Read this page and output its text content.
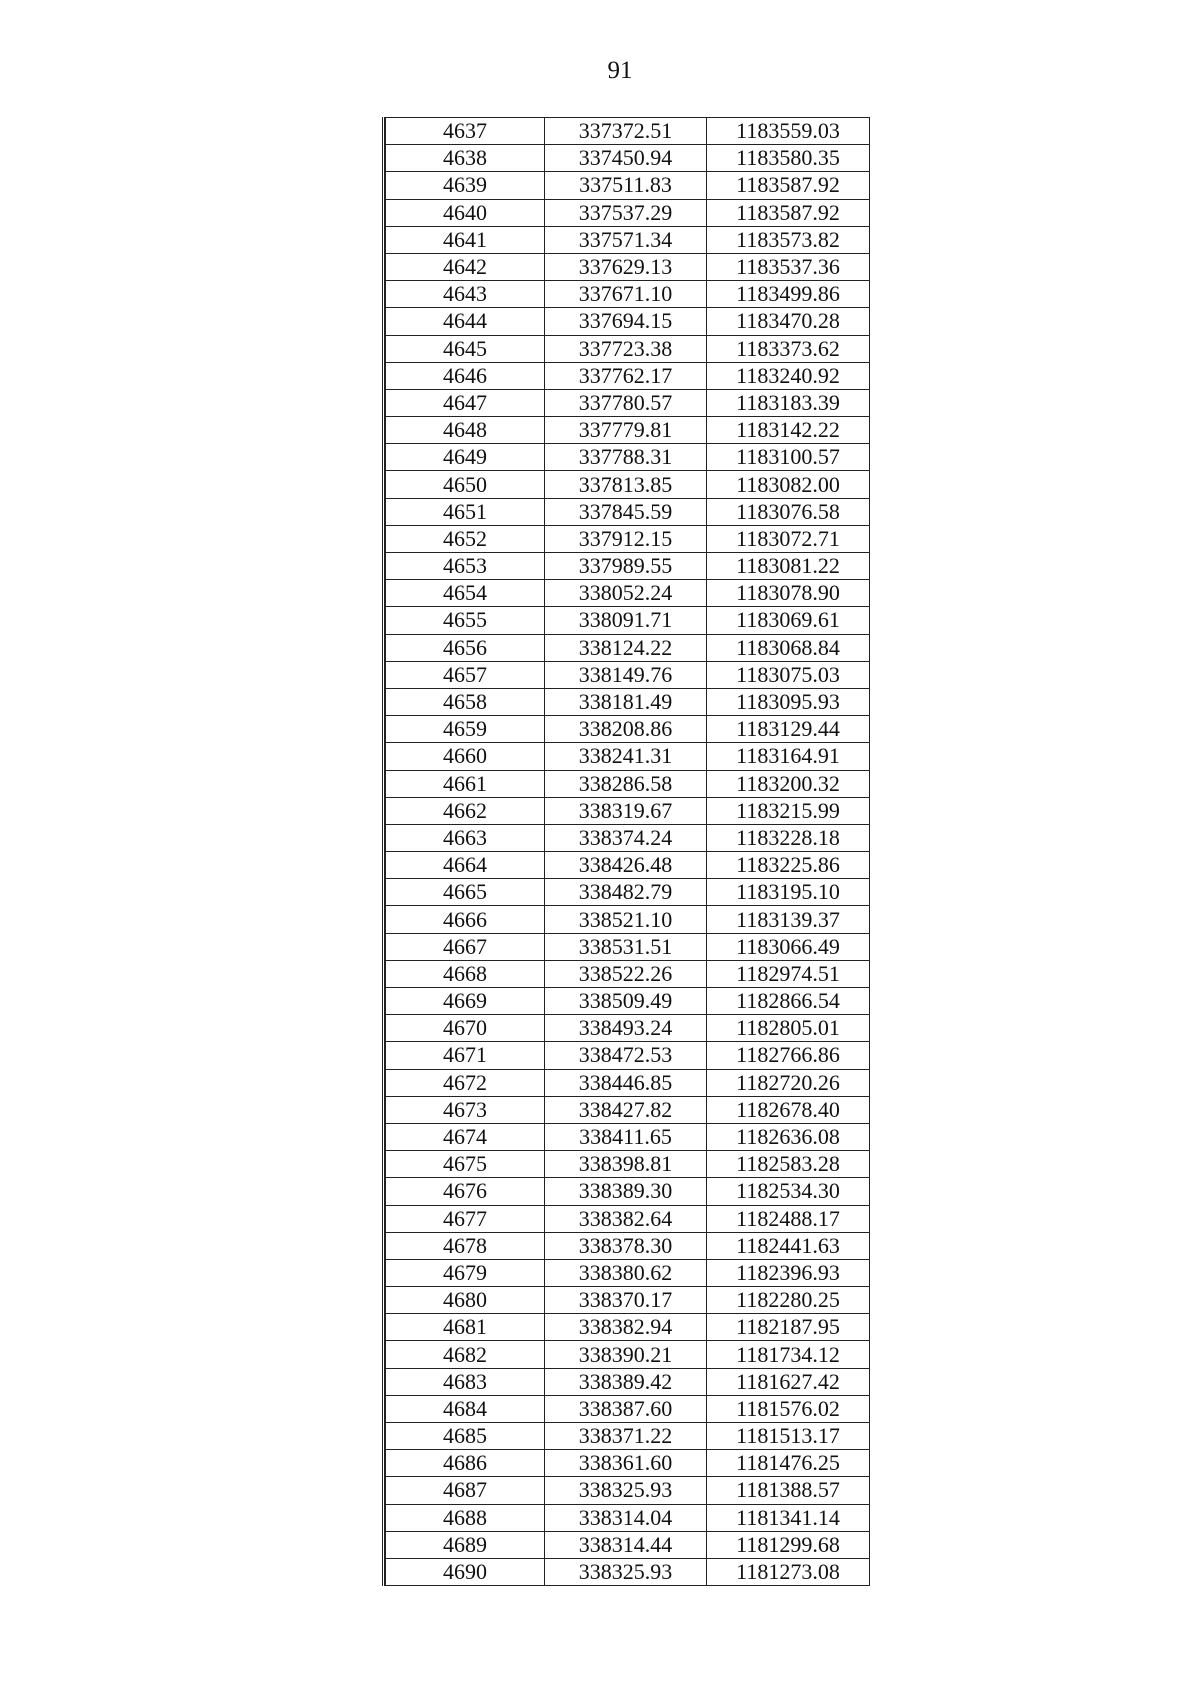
91
4637	337372.51	1183559.03
4638	337450.94	1183580.35
4639	337511.83	1183587.92
4640	337537.29	1183587.92
4641	337571.34	1183573.82
4642	337629.13	1183537.36
4643	337671.10	1183499.86
4644	337694.15	1183470.28
4645	337723.38	1183373.62
4646	337762.17	1183240.92
4647	337780.57	1183183.39
4648	337779.81	1183142.22
4649	337788.31	1183100.57
4650	337813.85	1183082.00
4651	337845.59	1183076.58
4652	337912.15	1183072.71
4653	337989.55	1183081.22
4654	338052.24	1183078.90
4655	338091.71	1183069.61
4656	338124.22	1183068.84
4657	338149.76	1183075.03
4658	338181.49	1183095.93
4659	338208.86	1183129.44
4660	338241.31	1183164.91
4661	338286.58	1183200.32
4662	338319.67	1183215.99
4663	338374.24	1183228.18
4664	338426.48	1183225.86
4665	338482.79	1183195.10
4666	338521.10	1183139.37
4667	338531.51	1183066.49
4668	338522.26	1182974.51
4669	338509.49	1182866.54
4670	338493.24	1182805.01
4671	338472.53	1182766.86
4672	338446.85	1182720.26
4673	338427.82	1182678.40
4674	338411.65	1182636.08
4675	338398.81	1182583.28
4676	338389.30	1182534.30
4677	338382.64	1182488.17
4678	338378.30	1182441.63
4679	338380.62	1182396.93
4680	338370.17	1182280.25
4681	338382.94	1182187.95
4682	338390.21	1181734.12
4683	338389.42	1181627.42
4684	338387.60	1181576.02
4685	338371.22	1181513.17
4686	338361.60	1181476.25
4687	338325.93	1181388.57
4688	338314.04	1181341.14
4689	338314.44	1181299.68
4690	338325.93	1181273.08
